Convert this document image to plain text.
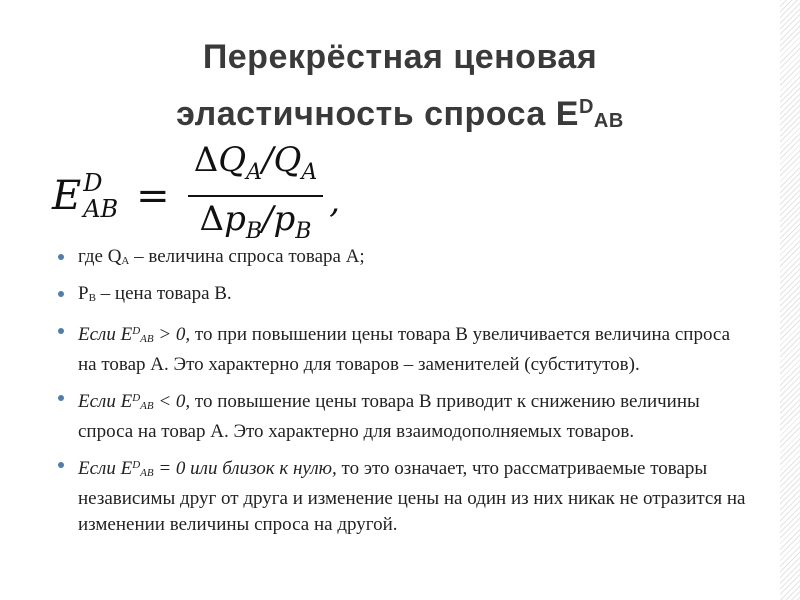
Перекрёстная ценовая
эластичность спроса $E^D_{AB}$
E D
AB = $\frac{\Delta Q_A/Q_A}{\Delta p_B/p_B}$ ,
где $Q_A$ – величина спроса товара A;
$P_B$ – цена товара B.
Если $E^D_{AB} > 0$, то при повышении цены товара B увеличивается величина спроса на товар A. Это характерно для товаров – заменителей (субститутов).
Если $E^D_{AB} < 0$, то повышение цены товара B приводит к снижению величины спроса на товар A. Это характерно для взаимодополняемых товаров.
Если $E^D_{AB} = 0$ или близок к нулю, то это означает, что рассматриваемые товары независимы друг от друга и изменение цены на один из них никак не отразится на изменении величины спроса на другой.
